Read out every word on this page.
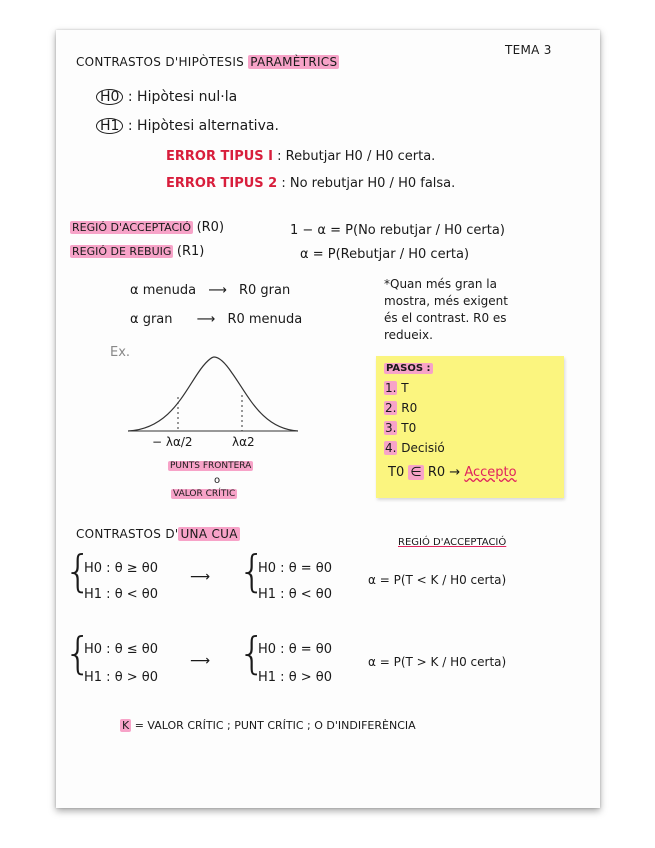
TEMA 3
CONTRASTOS D'HIPÒTESIS PARAMÈTRICS
H0 : Hipòtesi nul·la
H1 : Hipòtesi alternativa.
ERROR TIPUS I : Rebutjar H0 / H0 certa.
ERROR TIPUS 2 : No rebutjar H0 / H0 falsa.
REGIÓ D'ACCEPTACIÓ (R0)	1 − α = P(No rebutjar / H0 certa)
REGIÓ DE REBUIG (R1)	α = P(Rebutjar / H0 certa)
α menuda ⟶ R0 gran
α gran ⟶ R0 menuda
*Quan més gran la
mostra, més exigent
és el contrast. R0 es
redueix.
Ex.
− λα/2	λα2
PUNTS FRONTERA
o
VALOR CRÍTIC
PASOS :
1. T
2. R0
3. T0
4. Decisió
T0 ∈ R0 → Accepto
CONTRASTOS D' UNA CUA
REGIÓ D'ACCEPTACIÓ
{
H0 : θ ≥ θ0
H1 : θ < θ0
⟶ {
H0 : θ = θ0
H1 : θ < θ0
α = P(T < K / H0 certa)
{
H0 : θ ≤ θ0
H1 : θ > θ0
⟶ {
H0 : θ = θ0
H1 : θ > θ0
α = P(T > K / H0 certa)
K = VALOR CRÍTIC ; PUNT CRÍTIC ; O D'INDIFERÈNCIA
